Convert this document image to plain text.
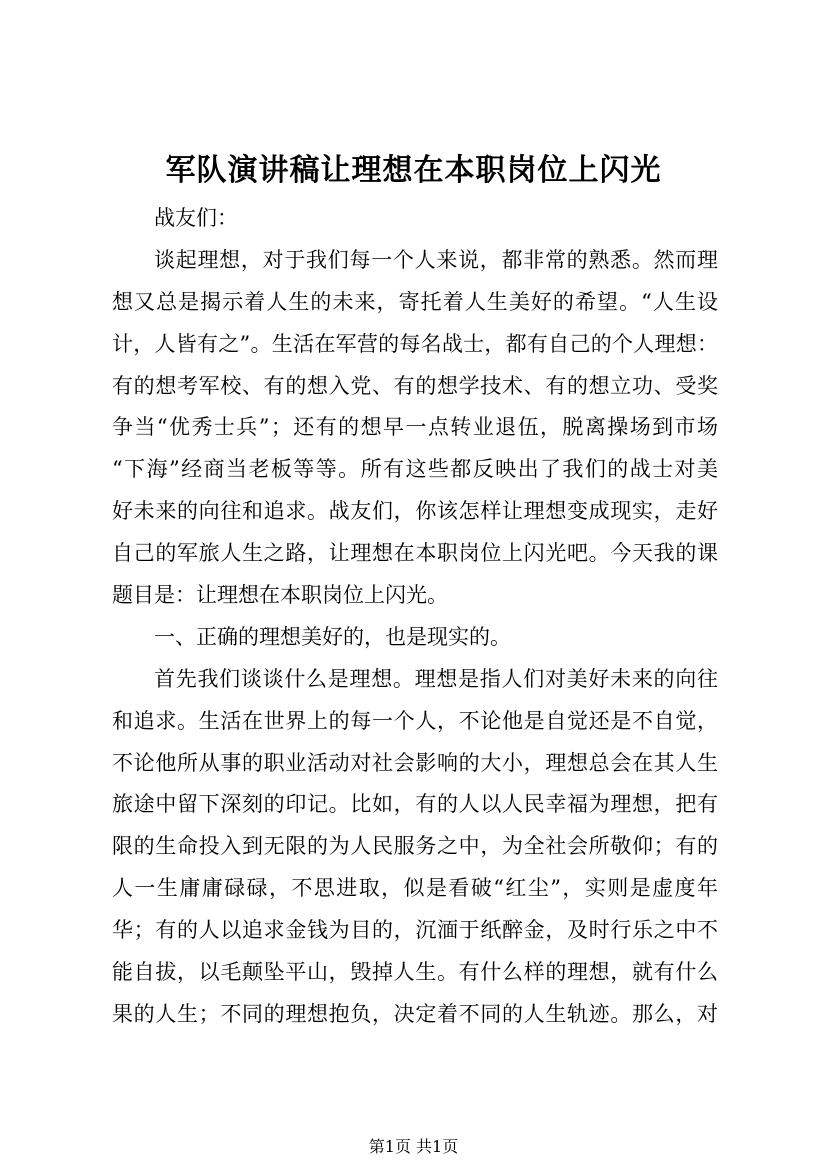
军队演讲稿让理想在本职岗位上闪光
战友们：
谈起理想，对于我们每一个人来说，都非常的熟悉。然而理
想又总是揭示着人生的未来，寄托着人生美好的希望。“人生设
计，人皆有之”。生活在军营的每名战士，都有自己的个人理想：
有的想考军校、有的想入党、有的想学技术、有的想立功、受奖
争当“优秀士兵”；还有的想早一点转业退伍，脱离操场到市场
“下海”经商当老板等等。所有这些都反映出了我们的战士对美
好未来的向往和追求。战友们，你该怎样让理想变成现实，走好
自己的军旅人生之路，让理想在本职岗位上闪光吧。今天我的课
题目是：让理想在本职岗位上闪光。
一、正确的理想美好的，也是现实的。
首先我们谈谈什么是理想。理想是指人们对美好未来的向往
和追求。生活在世界上的每一个人，不论他是自觉还是不自觉，
不论他所从事的职业活动对社会影响的大小，理想总会在其人生
旅途中留下深刻的印记。比如，有的人以人民幸福为理想，把有
限的生命投入到无限的为人民服务之中，为全社会所敬仰；有的
人一生庸庸碌碌，不思进取，似是看破“红尘”，实则是虚度年
华；有的人以追求金钱为目的，沉湎于纸醉金，及时行乐之中不
能自拔，以毛颠坠平山，毁掉人生。有什么样的理想，就有什么
果的人生；不同的理想抱负，决定着不同的人生轨迹。那么，对
第1页 共1页
